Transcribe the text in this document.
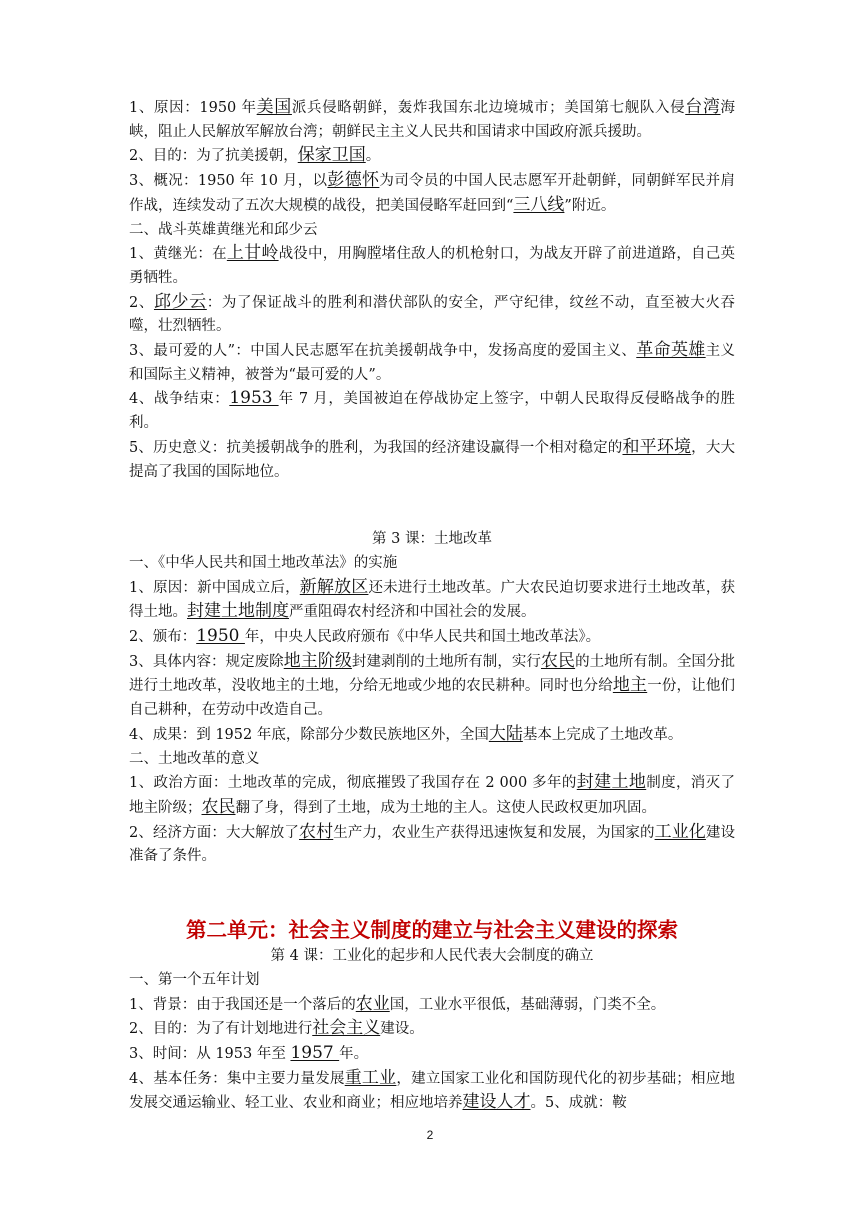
1、原因：1950 年美国派兵侵略朝鲜，轰炸我国东北边境城市；美国第七舰队入侵台湾海峡，阻止人民解放军解放台湾；朝鲜民主主义人民共和国请求中国政府派兵援助。

2、目的：为了抗美援朝，保家卫国。

3、概况：1950 年 10 月，以彭德怀为司令员的中国人民志愿军开赴朝鲜，同朝鲜军民并肩作战，连续发动了五次大规模的战役，把美国侵略军赶回到“三八线”附近。

二、战斗英雄黄继光和邱少云

1、黄继光：在上甘岭战役中，用胸膛堵住敌人的机枪射口，为战友开辟了前进道路，自己英勇牺牲。

2、邱少云：为了保证战斗的胜利和潜伏部队的安全，严守纪律，纹丝不动，直至被大火吞噬，壮烈牺牲。

3、最可爱的人”：中国人民志愿军在抗美援朝战争中，发扬高度的爱国主义、革命英雄主义和国际主义精神，被誉为“最可爱的人”。

4、战争结束：1953 年 7 月，美国被迫在停战协定上签字，中朝人民取得反侵略战争的胜利。

5、历史意义：抗美援朝战争的胜利，为我国的经济建设赢得一个相对稳定的和平环境，大大提高了我国的国际地位。

第 3 课：土地改革

一、《中华人民共和国土地改革法》的实施

1、原因：新中国成立后，新解放区还未进行土地改革。广大农民迫切要求进行土地改革，获得土地。封建土地制度严重阻碍农村经济和中国社会的发展。

2、颁布：1950 年，中央人民政府颁布《中华人民共和国土地改革法》。

3、具体内容：规定废除地主阶级封建剥削的土地所有制，实行农民的土地所有制。全国分批进行土地改革，没收地主的土地，分给无地或少地的农民耕种。同时也分给地主一份，让他们自己耕种，在劳动中改造自己。

4、成果：到 1952 年底，除部分少数民族地区外，全国大陆基本上完成了土地改革。

二、土地改革的意义

1、政治方面：土地改革的完成，彻底摧毁了我国存在 2 000 多年的封建土地制度，消灭了地主阶级；农民翻了身，得到了土地，成为土地的主人。这使人民政权更加巩固。

2、经济方面：大大解放了农村生产力，农业生产获得迅速恢复和发展，为国家的工业化建设准备了条件。

第二单元：社会主义制度的建立与社会主义建设的探索

第 4 课：工业化的起步和人民代表大会制度的确立

一、第一个五年计划

1、背景：由于我国还是一个落后的农业国，工业水平很低，基础薄弱，门类不全。

2、目的：为了有计划地进行社会主义建设。

3、时间：从 1953 年至 1957 年。

4、基本任务：集中主要力量发展重工业，建立国家工业化和国防现代化的初步基础；相应地发展交通运输业、轻工业、农业和商业；相应地培养建设人才。5、成就：鞍

2
